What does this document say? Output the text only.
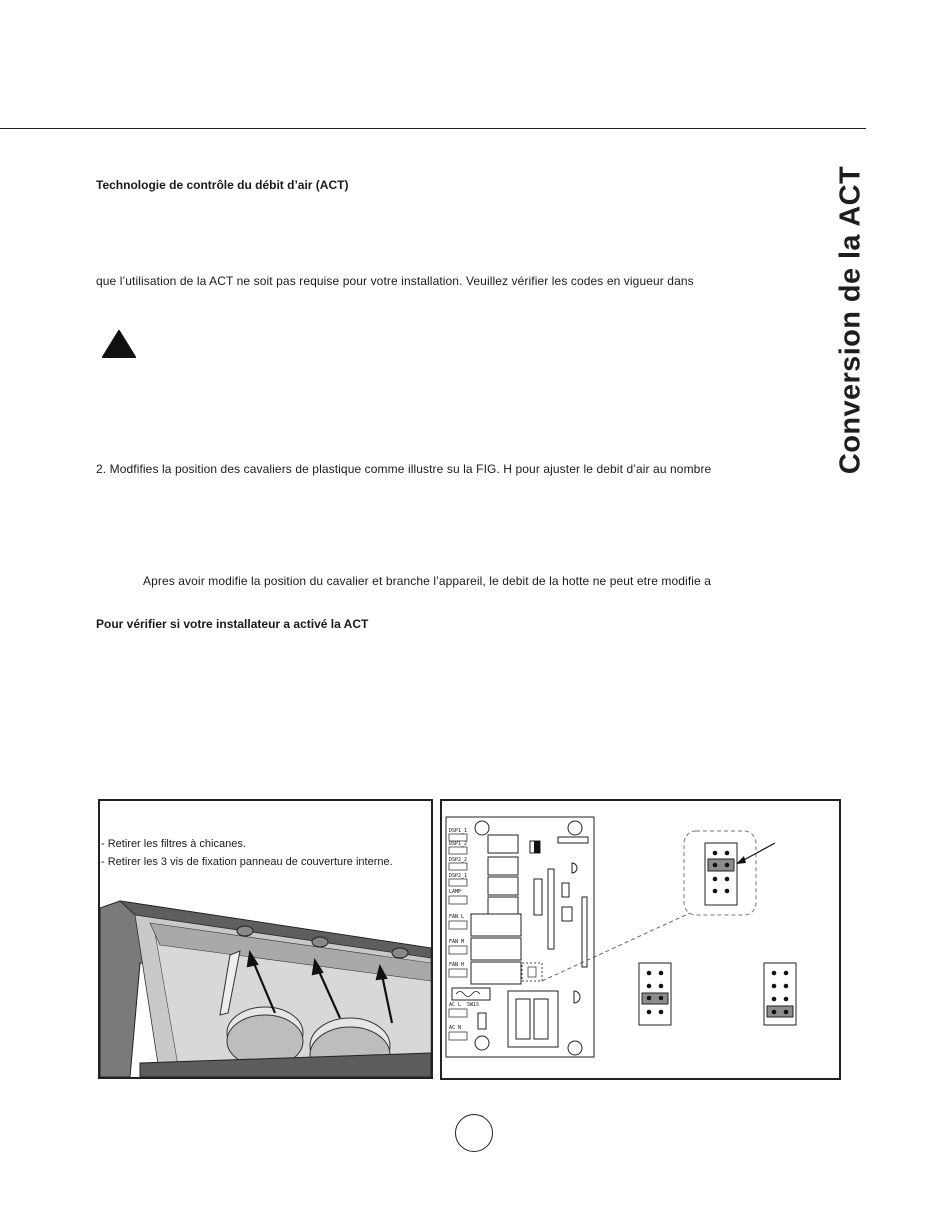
Conversion de la ACT
Technologie de contrôle du débit d’air (ACT)
que l’utilisation de la ACT ne soit pas requise pour votre installation. Veuillez vérifier les codes en vigueur dans
2. Modfifies la position des cavaliers de plastique comme illustre su la FIG. H pour ajuster le debit d’air au nombre
Apres avoir modifie la position du cavalier et branche l’appareil, le debit de la hotte ne peut etre modifie a
Pour vérifier si votre installateur a activé la ACT
- Retirer les filtres à chicanes.
- Retirer les 3 vis de fixation panneau de couverture interne.
DSP1_1
DSP1_2
DSP2_2
DSP2_1
LAMP
FAN L
FAN M
FAN H
AC L SW1S
AC N
